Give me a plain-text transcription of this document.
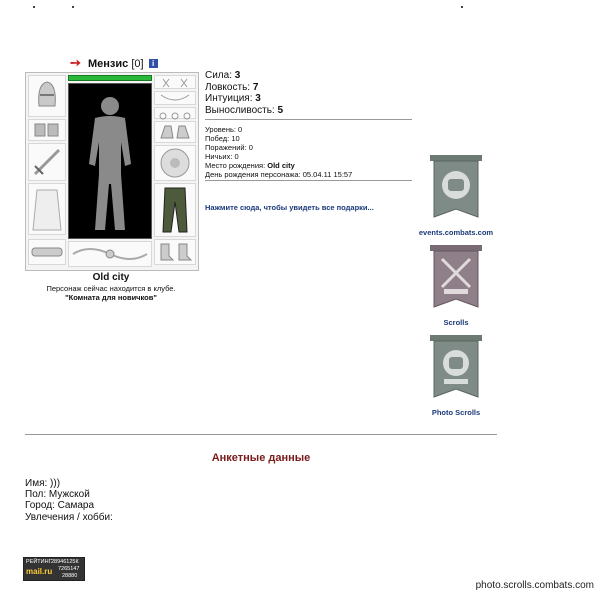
➙ Мензис [0] i
Old city
Персонаж сейчас находится в клубе.
"Комната для новичков"
Сила: 3
Ловкость: 7
Интуиция: 3
Выносливость: 5
Уровень: 0
Побед: 10
Поражений: 0
Ничьих: 0
Место рождения: Old city
День рождения персонажа: 05.04.11 15:57
Нажмите сюда, чтобы увидеть все подарки...
events.combats.com
Scrolls
Photo Scrolls
Анкетные данные
Имя: )))
Пол: Мужской
Город: Самара
Увлечения / хобби:
РЕЙТИНГ 28946125К
mail.ru 7265147
28880
photo.scrolls.combats.com
